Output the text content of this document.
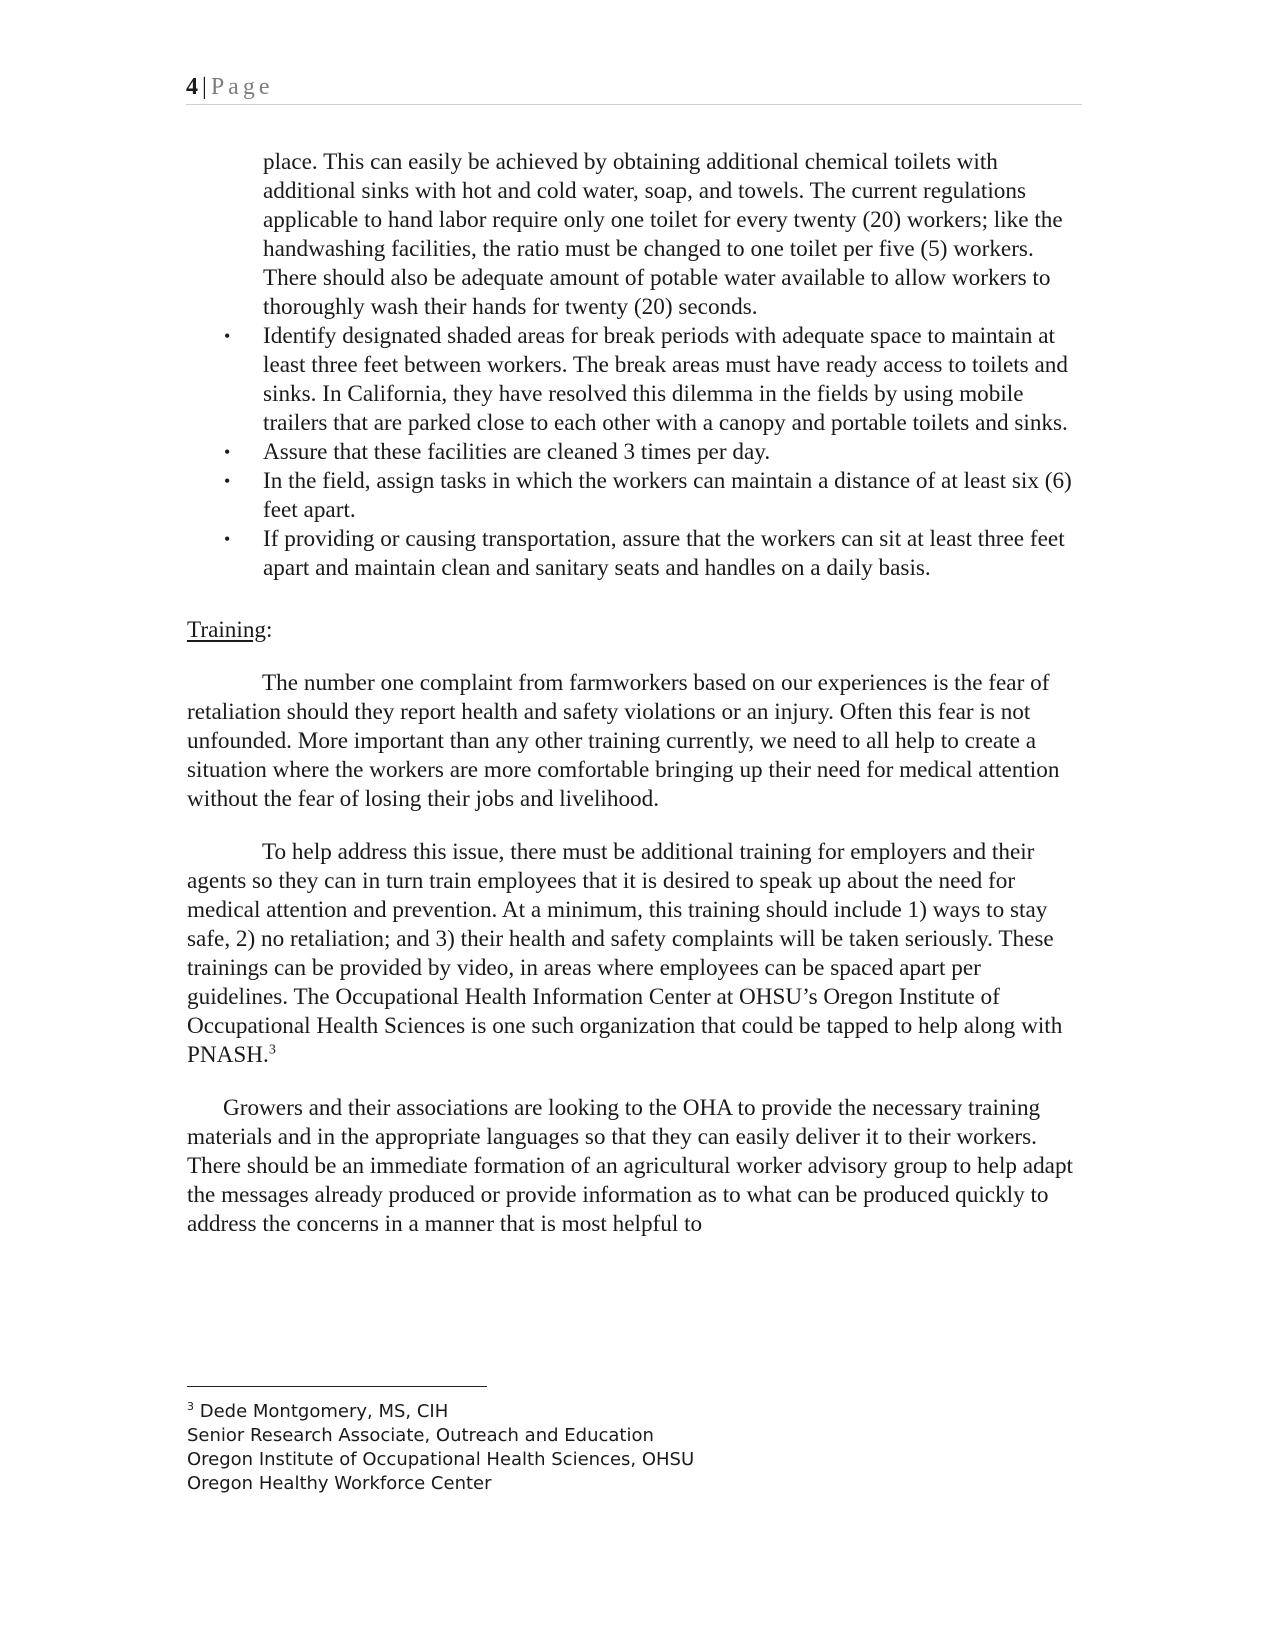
4 | Page

place. This can easily be achieved by obtaining additional chemical toilets with additional sinks with hot and cold water, soap, and towels. The current regulations applicable to hand labor require only one toilet for every twenty (20) workers; like the handwashing facilities, the ratio must be changed to one toilet per five (5) workers. There should also be adequate amount of potable water available to allow workers to thoroughly wash their hands for twenty (20) seconds.

• Identify designated shaded areas for break periods with adequate space to maintain at least three feet between workers. The break areas must have ready access to toilets and sinks. In California, they have resolved this dilemma in the fields by using mobile trailers that are parked close to each other with a canopy and portable toilets and sinks.
• Assure that these facilities are cleaned 3 times per day.
• In the field, assign tasks in which the workers can maintain a distance of at least six (6) feet apart.
• If providing or causing transportation, assure that the workers can sit at least three feet apart and maintain clean and sanitary seats and handles on a daily basis.

Training:

The number one complaint from farmworkers based on our experiences is the fear of retaliation should they report health and safety violations or an injury. Often this fear is not unfounded. More important than any other training currently, we need to all help to create a situation where the workers are more comfortable bringing up their need for medical attention without the fear of losing their jobs and livelihood.

To help address this issue, there must be additional training for employers and their agents so they can in turn train employees that it is desired to speak up about the need for medical attention and prevention. At a minimum, this training should include 1) ways to stay safe, 2) no retaliation; and 3) their health and safety complaints will be taken seriously. These trainings can be provided by video, in areas where employees can be spaced apart per guidelines. The Occupational Health Information Center at OHSU’s Oregon Institute of Occupational Health Sciences is one such organization that could be tapped to help along with PNASH.$^3$

Growers and their associations are looking to the OHA to provide the necessary training materials and in the appropriate languages so that they can easily deliver it to their workers. There should be an immediate formation of an agricultural worker advisory group to help adapt the messages already produced or provide information as to what can be produced quickly to address the concerns in a manner that is most helpful to

$^3$ Dede Montgomery, MS, CIH
Senior Research Associate, Outreach and Education
Oregon Institute of Occupational Health Sciences, OHSU
Oregon Healthy Workforce Center
